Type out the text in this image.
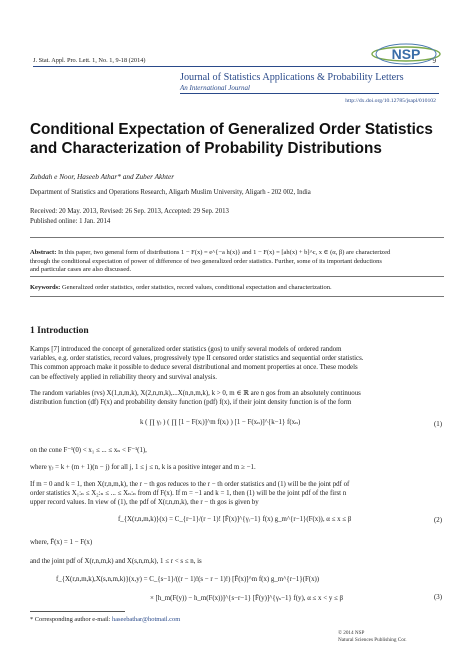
J. Stat. Appl. Pro. Lett. 1, No. 1, 9-18 (2014)	9
NSP
Journal of Statistics Applications & Probability Letters
An International Journal
http://dx.doi.org/10.12785/jsapl/010102
Conditional Expectation of Generalized Order Statistics
and Characterization of Probability Distributions
Zubdah e Noor, Haseeb Athar* and Zuber Akhter
Department of Statistics and Operations Research, Aligarh Muslim University, Aligarh - 202 002, India
Received: 20 May. 2013, Revised: 26 Sep. 2013, Accepted: 29 Sep. 2013
Published online: 1 Jan. 2014
Abstract: In this paper, two general form of distributions 1 − F(x) = e^{−a h(x)} and 1 − F(x) = [ah(x) + b]^c, x ∈ (α, β) are characterized
through the conditional expectation of power of difference of two generalized order statistics. Further, some of its important deductions
and particular cases are also discussed.
Keywords: Generalized order statistics, order statistics, record values, conditional expectation and characterization.
1 Introduction
Kamps [7] introduced the concept of generalized order statistics (gos) to unify several models of ordered random
variables, e.g. order statistics, record values, progressively type II censored order statistics and sequential order statistics.
This common approach make it possible to deduce several distributional and moment properties at once. These models
can be effectively applied in reliability theory and survival analysis.
The random variables (rvs) X(1,n,m,k), X(2,n,m,k),...X(n,n,m,k), k > 0, m ∈ ℝ are n gos from an absolutely continuous
distribution function (df) F(x) and probability density function (pdf) f(x), if their joint density function is of the form
k ( ∏ γⱼ ) ( ∏ [1 − F(xᵢ)]^m f(xᵢ) ) [1 − F(xₙ)]^{k−1} f(xₙ)	(1)
on the cone F⁻¹(0) < x₁ ≤ ... ≤ xₙ < F⁻¹(1),
where γⱼ = k + (m + 1)(n − j) for all j, 1 ≤ j ≤ n, k is a positive integer and m ≥ −1.
If m = 0 and k = 1, then X(r,n,m,k), the r − th gos reduces to the r − th order statistics and (1) will be the joint pdf of
order statistics X₁:ₙ ≤ X₂:ₙ ≤ ... ≤ Xₙ:ₙ from df F(x). If m = −1 and k = 1, then (1) will be the joint pdf of the first n
upper record values. In view of (1), the pdf of X(r,n,m,k), the r − th gos is given by
f_{X(r,n,m,k)}(x) = C_{r−1}/(r − 1)! [F̄(x)]^{γᵣ−1} f(x) g_m^{r−1}(F(x)), α ≤ x ≤ β	(2)
where, F̄(x) = 1 − F(x)
and the joint pdf of X(r,n,m,k) and X(s,n,m,k), 1 ≤ r < s ≤ n, is
f_{X(r,n,m,k),X(s,n,m,k)}(x,y) = C_{s−1}/((r − 1)!(s − r − 1)!) [F̄(x)]^m f(x) g_m^{r−1}(F(x))
× [h_m(F(y)) − h_m(F(x))]^{s−r−1} [F̄(y)]^{γₛ−1} f(y), α ≤ x < y ≤ β	(3)
* Corresponding author e-mail: haseebathar@hotmail.com
© 2014 NSP
Natural Sciences Publishing Cor.
